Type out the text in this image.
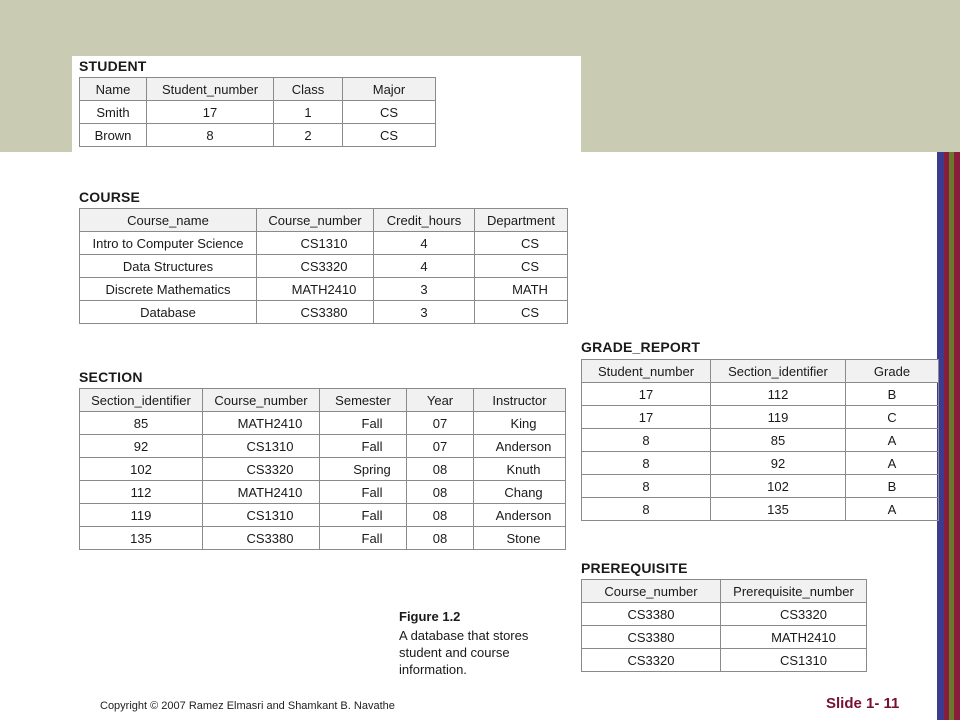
STUDENT
Name	Student_number	Class	Major
Smith	17	1	CS
Brown	8	2	CS
COURSE
Course_name	Course_number	Credit_hours	Department
Intro to Computer Science	CS1310	4	CS
Data Structures	CS3320	4	CS
Discrete Mathematics	MATH2410	3	MATH
Database	CS3380	3	CS
SECTION
Section_identifier	Course_number	Semester	Year	Instructor
85	MATH2410	Fall	07	King
92	CS1310	Fall	07	Anderson
102	CS3320	Spring	08	Knuth
112	MATH2410	Fall	08	Chang
119	CS1310	Fall	08	Anderson
135	CS3380	Fall	08	Stone
GRADE_REPORT
Student_number	Section_identifier	Grade
17	112	B
17	119	C
8	85	A
8	92	A
8	102	B
8	135	A
PREREQUISITE
Course_number	Prerequisite_number
CS3380	CS3320
CS3380	MATH2410
CS3320	CS1310
Figure 1.2
A database that stores student and course information.
Copyright © 2007 Ramez Elmasri and Shamkant B. Navathe	Slide 1- 11
